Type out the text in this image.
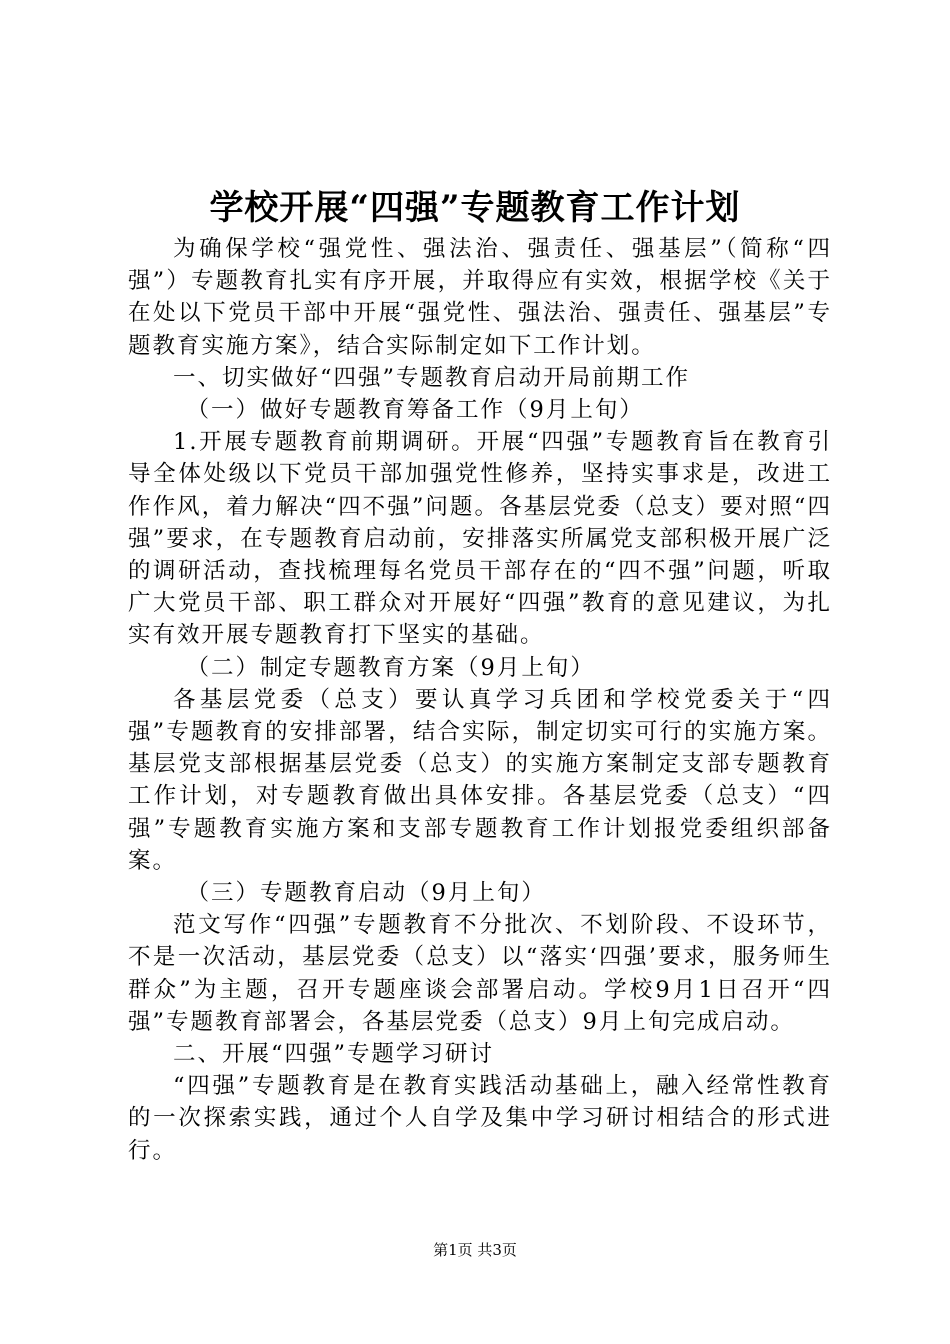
学校开展“四强”专题教育工作计划

为确保学校“强党性、强法治、强责任、强基层”（简称“四强”）专题教育扎实有序开展，并取得应有实效，根据学校《关于在处以下党员干部中开展“强党性、强法治、强责任、强基层”专题教育实施方案》，结合实际制定如下工作计划。

一、切实做好“四强”专题教育启动开局前期工作

（一）做好专题教育筹备工作（9月上旬）

1.开展专题教育前期调研。开展“四强”专题教育旨在教育引导全体处级以下党员干部加强党性修养，坚持实事求是，改进工作作风，着力解决“四不强”问题。各基层党委（总支）要对照“四强”要求，在专题教育启动前，安排落实所属党支部积极开展广泛的调研活动，查找梳理每名党员干部存在的“四不强”问题，听取广大党员干部、职工群众对开展好“四强”教育的意见建议，为扎实有效开展专题教育打下坚实的基础。

（二）制定专题教育方案（9月上旬）

各基层党委（总支）要认真学习兵团和学校党委关于“四强”专题教育的安排部署，结合实际，制定切实可行的实施方案。基层党支部根据基层党委（总支）的实施方案制定支部专题教育工作计划，对专题教育做出具体安排。各基层党委（总支）“四强”专题教育实施方案和支部专题教育工作计划报党委组织部备案。

（三）专题教育启动（9月上旬）

范文写作“四强”专题教育不分批次、不划阶段、不设环节，不是一次活动，基层党委（总支）以“落实‘四强’要求，服务师生群众”为主题，召开专题座谈会部署启动。学校9月1日召开“四强”专题教育部署会，各基层党委（总支）9月上旬完成启动。

二、开展“四强”专题学习研讨

“四强”专题教育是在教育实践活动基础上，融入经常性教育的一次探索实践，通过个人自学及集中学习研讨相结合的形式进行。

第1页 共3页
